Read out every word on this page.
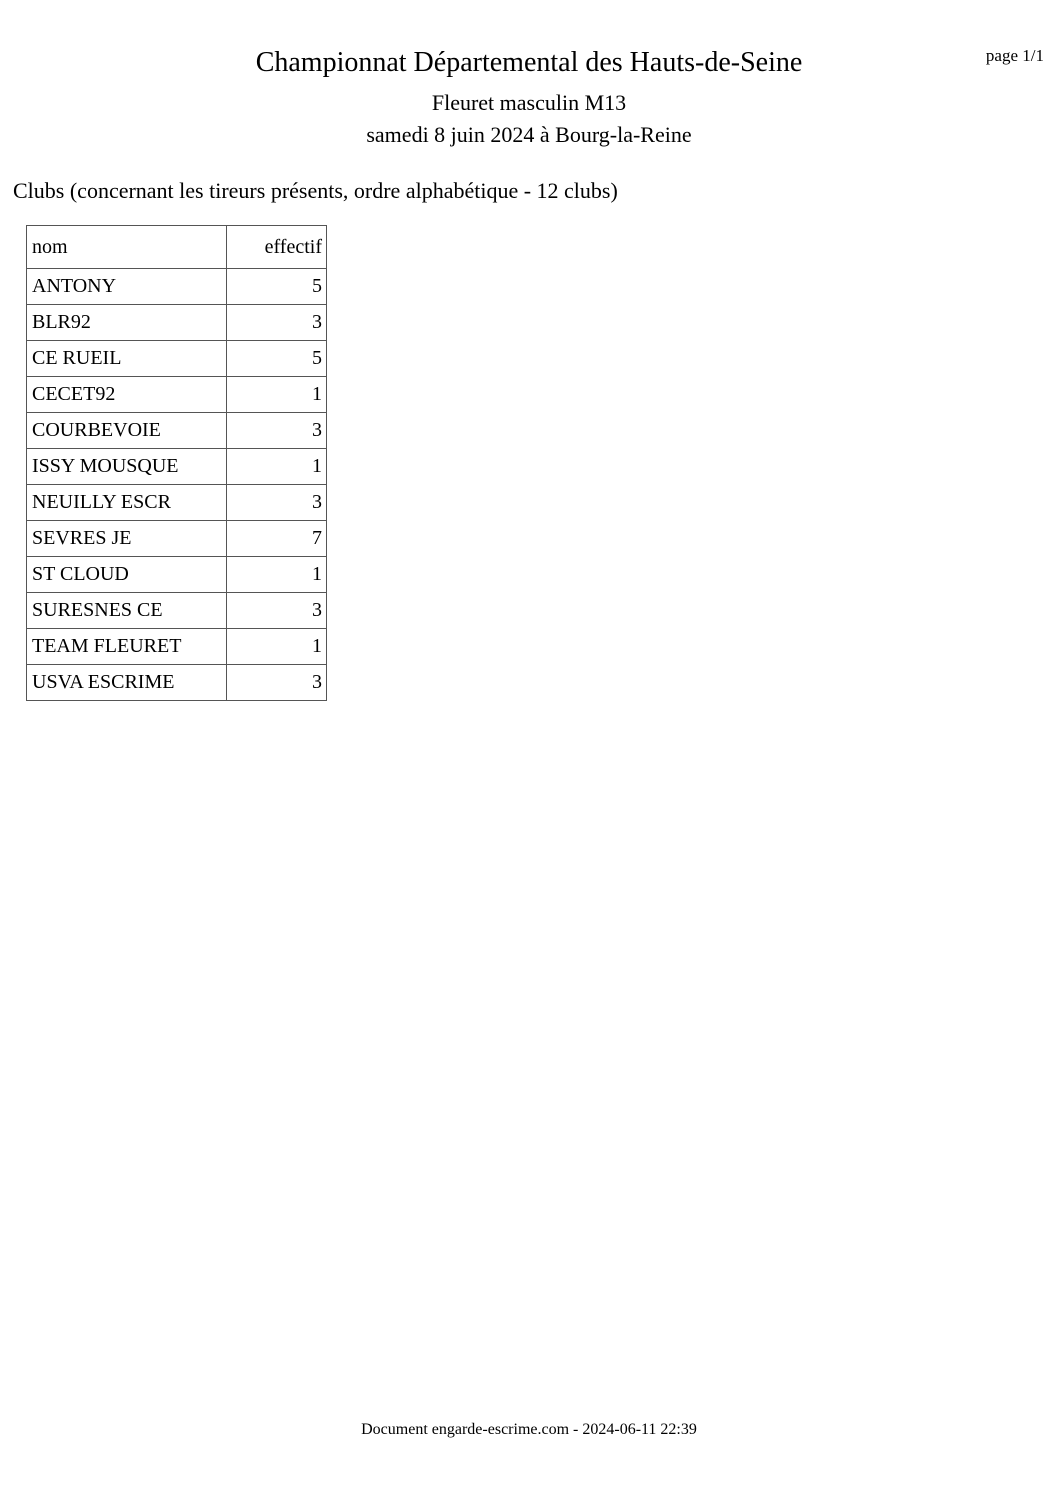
page 1/1
Championnat Départemental des Hauts-de-Seine
Fleuret masculin M13
samedi 8 juin 2024 à Bourg-la-Reine
Clubs (concernant les tireurs présents, ordre alphabétique - 12 clubs)
nom	effectif
ANTONY	5
BLR92	3
CE RUEIL	5
CECET92	1
COURBEVOIE	3
ISSY MOUSQUE	1
NEUILLY ESCR	3
SEVRES JE	7
ST CLOUD	1
SURESNES CE	3
TEAM FLEURET	1
USVA ESCRIME	3
Document engarde-escrime.com - 2024-06-11 22:39
